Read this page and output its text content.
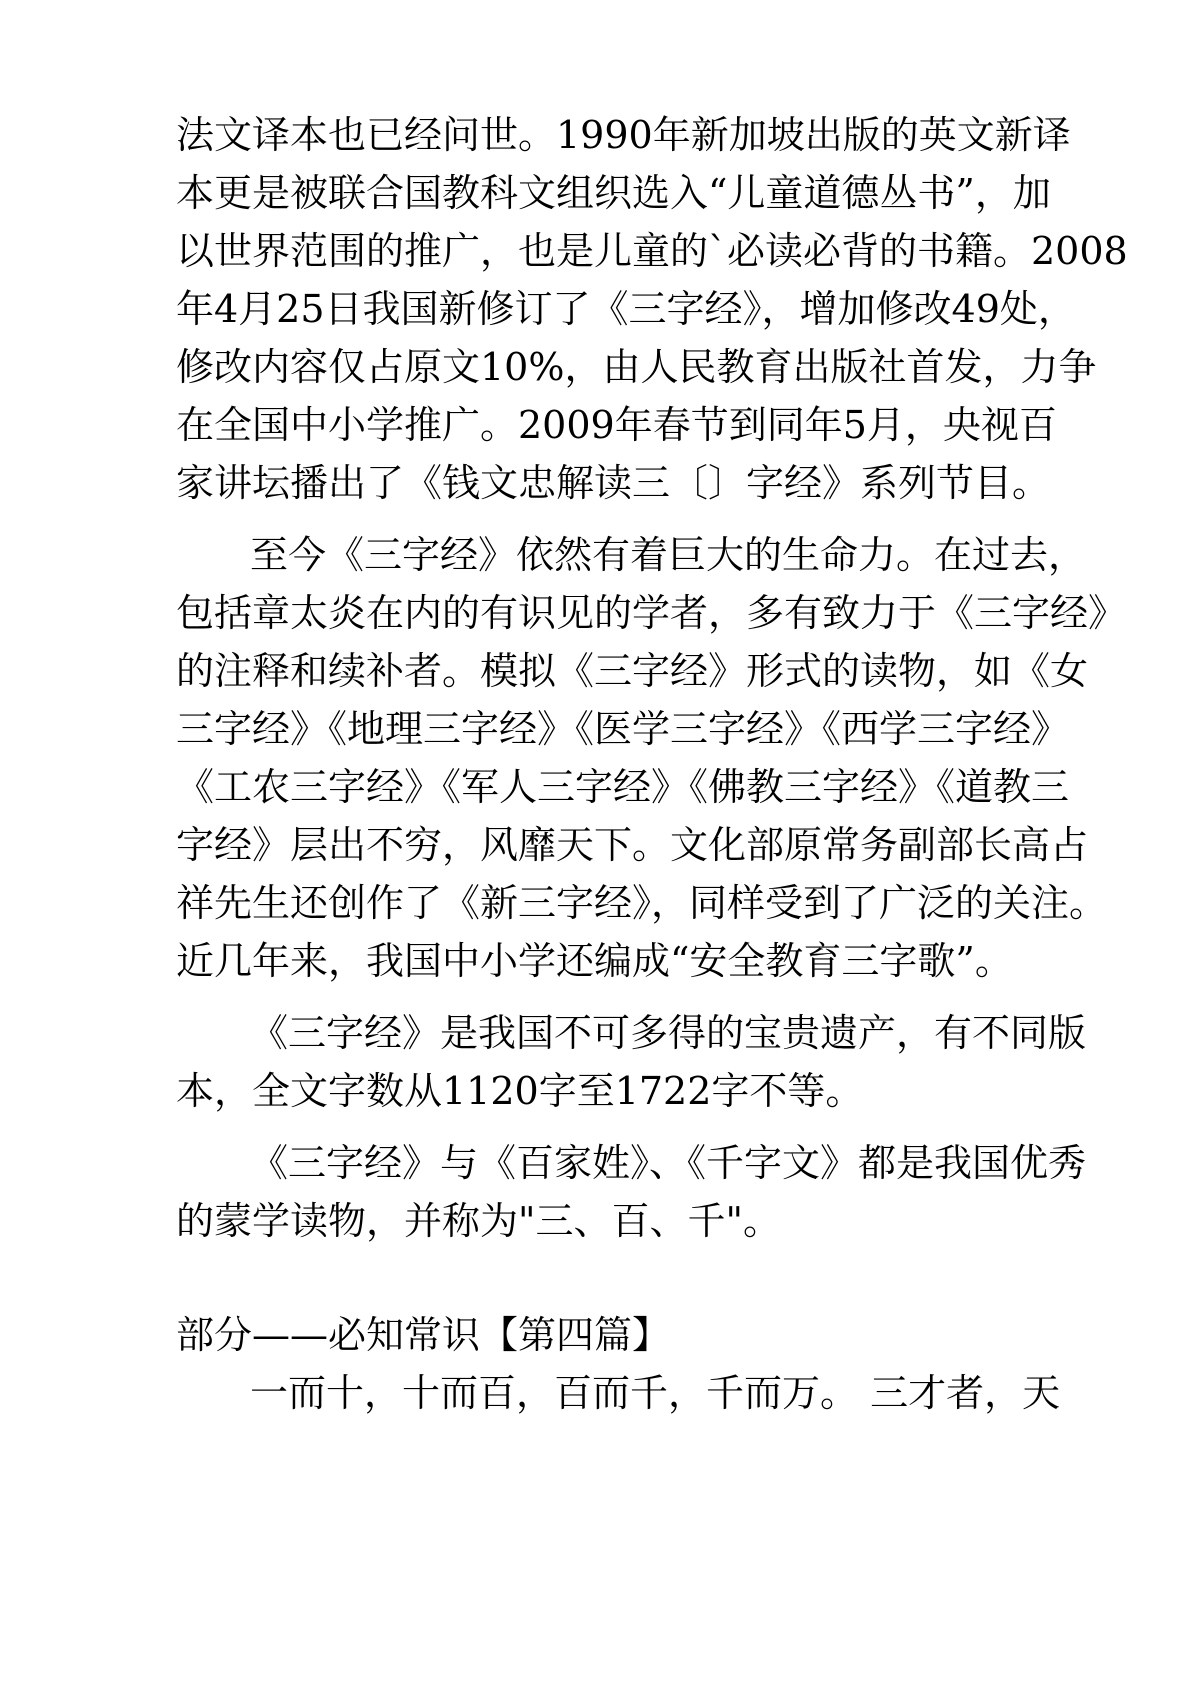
法文译本也已经问世。1990年新加坡出版的英文新译
本更是被联合国教科文组织选入“儿童道德丛书”，加
以世界范围的推广，也是儿童的`必读必背的书籍。2008
年4月25日我国新修订了《三字经》，增加修改49处，
修改内容仅占原文10%，由人民教育出版社首发，力争
在全国中小学推广。2009年春节到同年5月，央视百
家讲坛播出了《钱文忠解读三〔〕字经》系列节目。
至今《三字经》依然有着巨大的生命力。在过去，
包括章太炎在内的有识见的学者，多有致力于《三字经》
的注释和续补者。模拟《三字经》形式的读物，如《女
三字经》《地理三字经》《医学三字经》《西学三字经》
《工农三字经》《军人三字经》《佛教三字经》《道教三
字经》层出不穷，风靡天下。文化部原常务副部长高占
祥先生还创作了《新三字经》，同样受到了广泛的关注。
近几年来，我国中小学还编成“安全教育三字歌”。
《三字经》是我国不可多得的宝贵遗产，有不同版
本，全文字数从1120字至1722字不等。
《三字经》与《百家姓》、《千字文》都是我国优秀
的蒙学读物，并称为"三、百、千"。
部分——必知常识【第四篇】
一而十，十而百，百而千，千而万。 三才者，天
